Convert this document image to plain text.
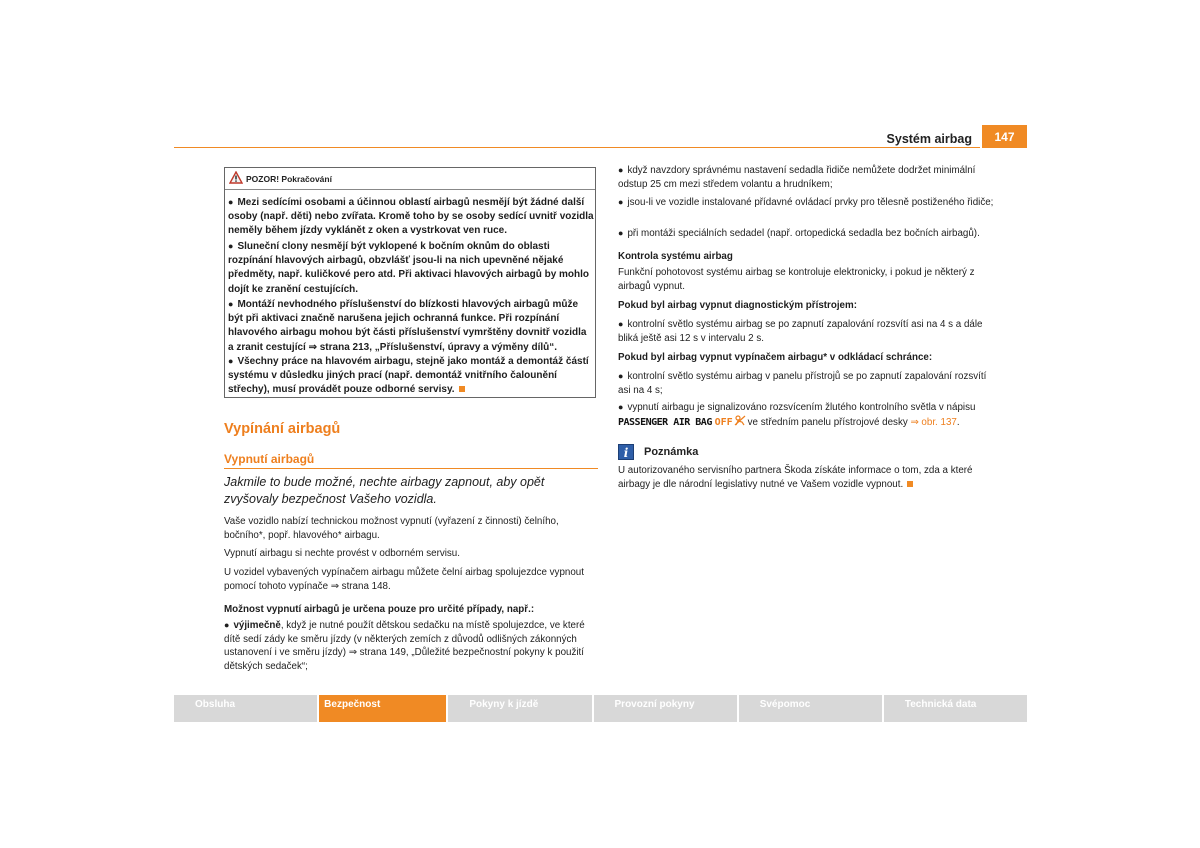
Systém airbag	147
POZOR! Pokračování
● Mezi sedícími osobami a účinnou oblastí airbagů nesmějí být žádné další osoby (např. děti) nebo zvířata. Kromě toho by se osoby sedící uvnitř vozidla neměly během jízdy vyklánět z oken a vystrkovat ven ruce.
● Sluneční clony nesmějí být vyklopené k bočním oknům do oblasti rozpínání hlavových airbagů, obzvlášť jsou-li na nich upevněné nějaké předměty, např. kuličkové pero atd. Při aktivaci hlavových airbagů by mohlo dojít ke zranění cestujících.
● Montáží nevhodného příslušenství do blízkosti hlavových airbagů může být při aktivaci značně narušena jejich ochranná funkce. Při rozpínání hlavového airbagu mohou být části příslušenství vymrštěny dovnitř vozidla a zranit cestující ⇒ strana 213, „Příslušenství, úpravy a výměny dílů“.
● Všechny práce na hlavovém airbagu, stejně jako montáž a demontáž částí systému v důsledku jiných prací (např. demontáž vnitřního čalounění střechy), musí provádět pouze odborné servisy.
Vypínání airbagů
Vypnutí airbagů
Jakmile to bude možné, nechte airbagy zapnout, aby opět zvyšovaly bezpečnost Vašeho vozidla.
Vaše vozidlo nabízí technickou možnost vypnutí (vyřazení z činnosti) čelního, bočního*, popř. hlavového* airbagu.
Vypnutí airbagu si nechte provést v odborném servisu.
U vozidel vybavených vypínačem airbagu můžete čelní airbag spolujezdce vypnout pomocí tohoto vypínače ⇒ strana 148.
Možnost vypnutí airbagů je určena pouze pro určité případy, např.:
● výjimečně, když je nutné použít dětskou sedačku na místě spolujezdce, ve které dítě sedí zády ke směru jízdy (v některých zemích z důvodů odlišných zákonných ustanovení i ve směru jízdy) ⇒ strana 149, „Důležité bezpečnostní pokyny k použití dětských sedaček“;
● když navzdory správnému nastavení sedadla řidiče nemůžete dodržet minimální odstup 25 cm mezi středem volantu a hrudníkem;
● jsou-li ve vozidle instalované přídavné ovládací prvky pro tělesně postiženého řidiče;
● při montáži speciálních sedadel (např. ortopedická sedadla bez bočních airbagů).
Kontrola systému airbag
Funkční pohotovost systému airbag se kontroluje elektronicky, i pokud je některý z airbagů vypnut.
Pokud byl airbag vypnut diagnostickým přístrojem:
● kontrolní světlo systému airbag se po zapnutí zapalování rozsvítí asi na 4 s a dále bliká ještě asi 12 s v intervalu 2 s.
Pokud byl airbag vypnut vypínačem airbagu* v odkládací schránce:
● kontrolní světlo systému airbag v panelu přístrojů se po zapnutí zapalování rozsvítí asi na 4 s;
● vypnutí airbagu je signalizováno rozsvícením žlutého kontrolního světla v nápisu
PASSENGER AIR BAG OFF ve středním panelu přístrojové desky ⇒ obr. 137.
i	Poznámka
U autorizovaného servisního partnera Škoda získáte informace o tom, zda a které airbagy je dle národní legislativy nutné ve Vašem vozidle vypnout.
Obsluha	Bezpečnost	Pokyny k jízdě	Provozní pokyny	Svépomoc	Technická data
